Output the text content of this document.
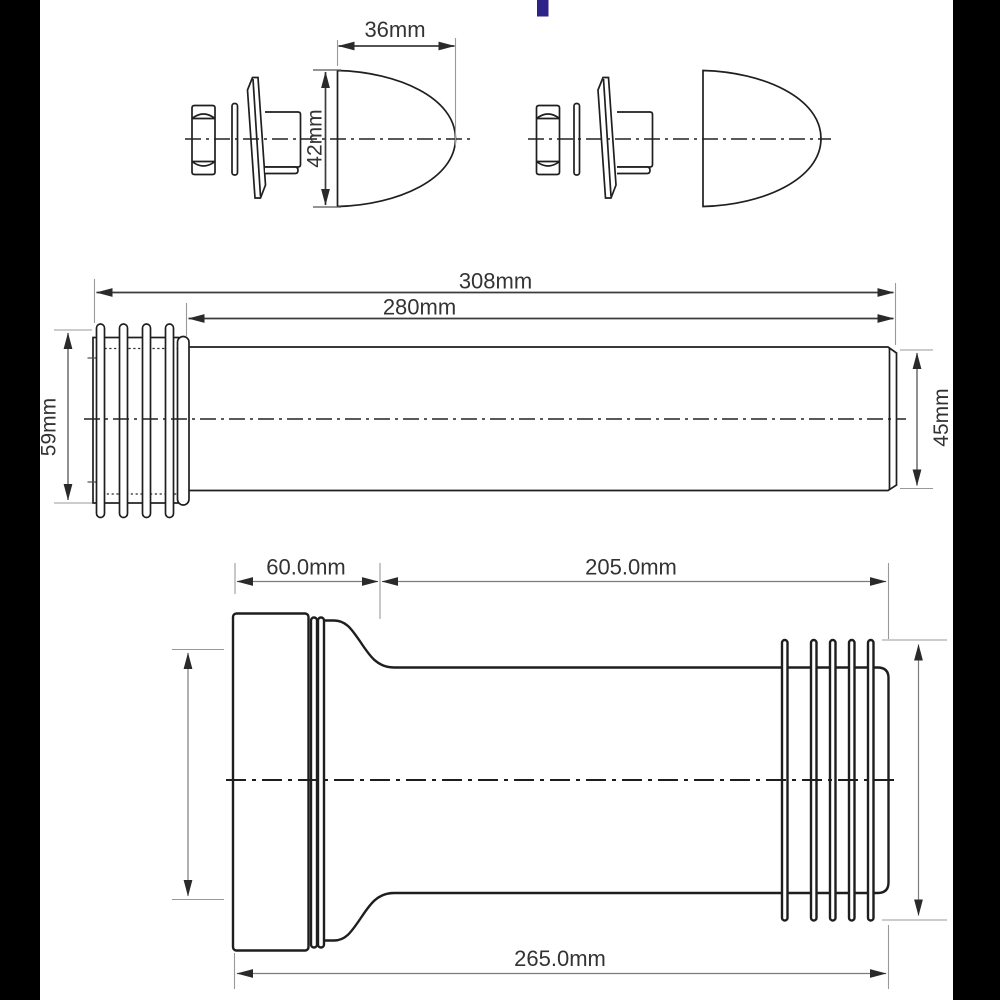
42mm
36mm
308mm
280mm
59mm	45mm
60.0mm	205.0mm
265.0mm
